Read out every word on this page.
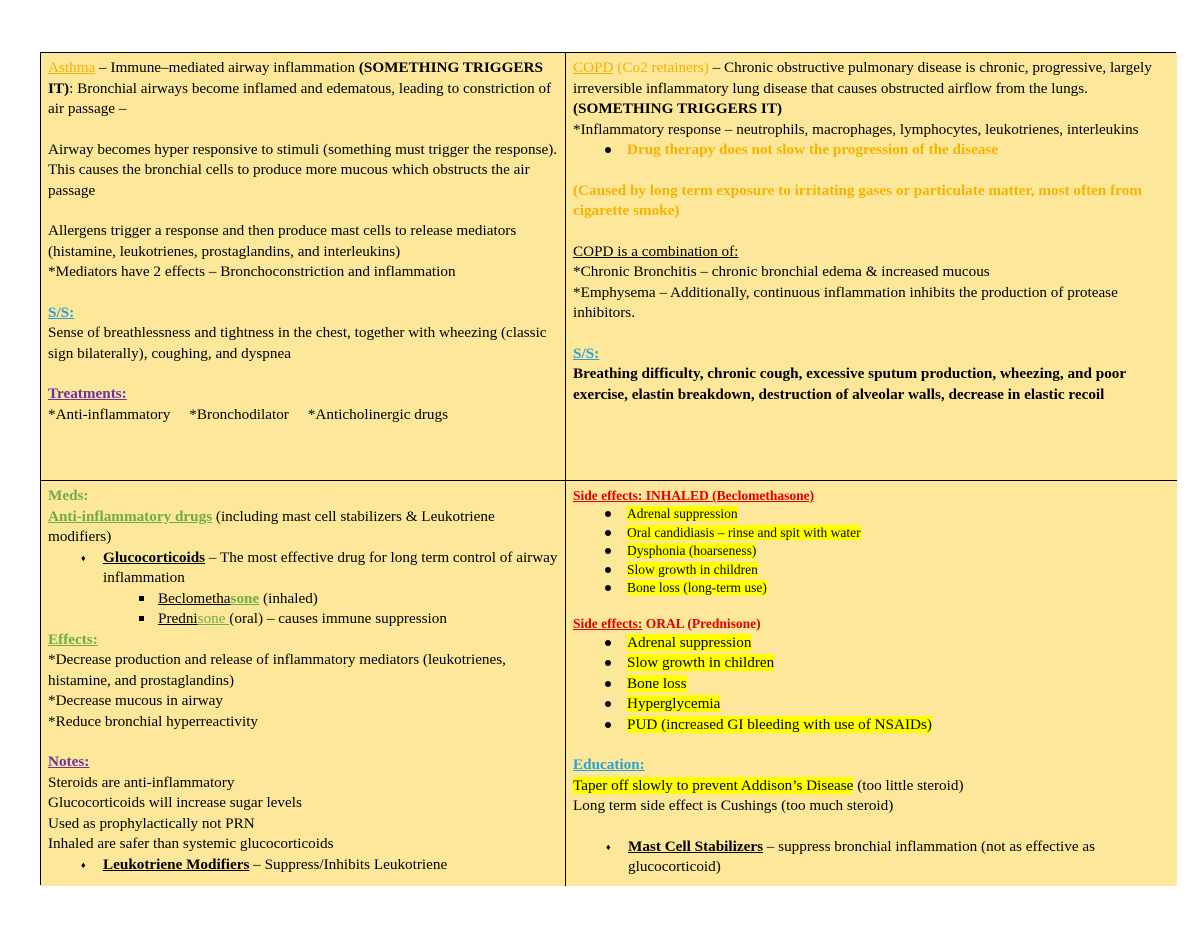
Asthma – Immune–mediated airway inflammation (SOMETHING TRIGGERS IT): Bronchial airways become inflamed and edematous, leading to constriction of air passage –

Airway becomes hyper responsive to stimuli (something must trigger the response). This causes the bronchial cells to produce more mucous which obstructs the air passage

Allergens trigger a response and then produce mast cells to release mediators (histamine, leukotrienes, prostaglandins, and interleukins)

*Mediators have 2 effects – Bronchoconstriction and inflammation

S/S:

Sense of breathlessness and tightness in the chest, together with wheezing (classic sign bilaterally), coughing, and dyspnea

Treatments:

*Anti-inflammatory     *Bronchodilator     *Anticholinergic drugs

COPD (Co2 retainers) – Chronic obstructive pulmonary disease is chronic, progressive, largely irreversible inflammatory lung disease that causes obstructed airflow from the lungs. (SOMETHING TRIGGERS IT)

*Inflammatory response – neutrophils, macrophages, lymphocytes, leukotrienes, interleukins

Drug therapy does not slow the progression of the disease

(Caused by long term exposure to irritating gases or particulate matter, most often from cigarette smoke)

COPD is a combination of:

*Chronic Bronchitis – chronic bronchial edema & increased mucous

*Emphysema – Additionally, continuous inflammation inhibits the production of protease inhibitors.

S/S:

Breathing difficulty, chronic cough, excessive sputum production, wheezing, and poor exercise, elastin breakdown, destruction of alveolar walls, decrease in elastic recoil

Meds:

Anti-inflammatory drugs (including mast cell stabilizers & Leukotriene modifiers)

♦ Glucocorticoids – The most effective drug for long term control of airway inflammation
Beclomethasone (inhaled)
Prednisone (oral) – causes immune suppression

Effects:

*Decrease production and release of inflammatory mediators (leukotrienes, histamine, and prostaglandins)

*Decrease mucous in airway

*Reduce bronchial hyperreactivity

Notes:

Steroids are anti-inflammatory

Glucocorticoids will increase sugar levels

Used as prophylactically not PRN

Inhaled are safer than systemic glucocorticoids

♦ Leukotriene Modifiers – Suppress/Inhibits Leukotriene

Side effects: INHALED (Beclomethasone)

Adrenal suppression
Oral candidiasis – rinse and spit with water
Dysphonia (hoarseness)
Slow growth in children
Bone loss (long-term use)

Side effects: ORAL (Prednisone)

Adrenal suppression
Slow growth in children
Bone loss
Hyperglycemia
PUD (increased GI bleeding with use of NSAIDs)

Education:

Taper off slowly to prevent Addison’s Disease (too little steroid)

Long term side effect is Cushings (too much steroid)

♦ Mast Cell Stabilizers – suppress bronchial inflammation (not as effective as glucocorticoid)
